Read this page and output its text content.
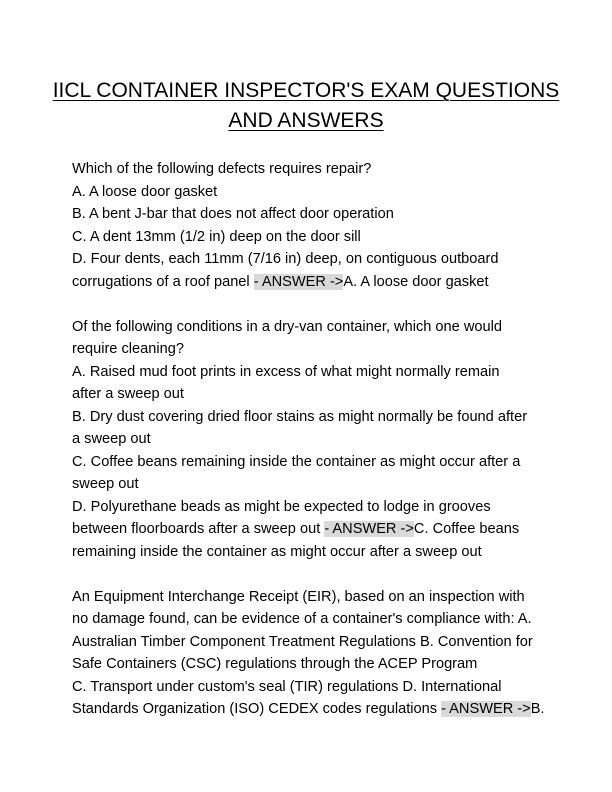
IICL CONTAINER INSPECTOR'S EXAM QUESTIONS
AND ANSWERS
Which of the following defects requires repair?
A. A loose door gasket
B. A bent J-bar that does not affect door operation
C. A dent 13mm (1/2 in) deep on the door sill
D. Four dents, each 11mm (7/16 in) deep, on contiguous outboard
corrugations of a roof panel - ANSWER ->A. A loose door gasket
Of the following conditions in a dry-van container, which one would
require cleaning?
A. Raised mud foot prints in excess of what might normally remain
after a sweep out
B. Dry dust covering dried floor stains as might normally be found after
a sweep out
C. Coffee beans remaining inside the container as might occur after a
sweep out
D. Polyurethane beads as might be expected to lodge in grooves
between floorboards after a sweep out - ANSWER ->C. Coffee beans
remaining inside the container as might occur after a sweep out
An Equipment Interchange Receipt (EIR), based on an inspection with
no damage found, can be evidence of a container's compliance with: A.
Australian Timber Component Treatment Regulations B. Convention for
Safe Containers (CSC) regulations through the ACEP Program
C. Transport under custom's seal (TIR) regulations D. International
Standards Organization (ISO) CEDEX codes regulations - ANSWER ->B.
